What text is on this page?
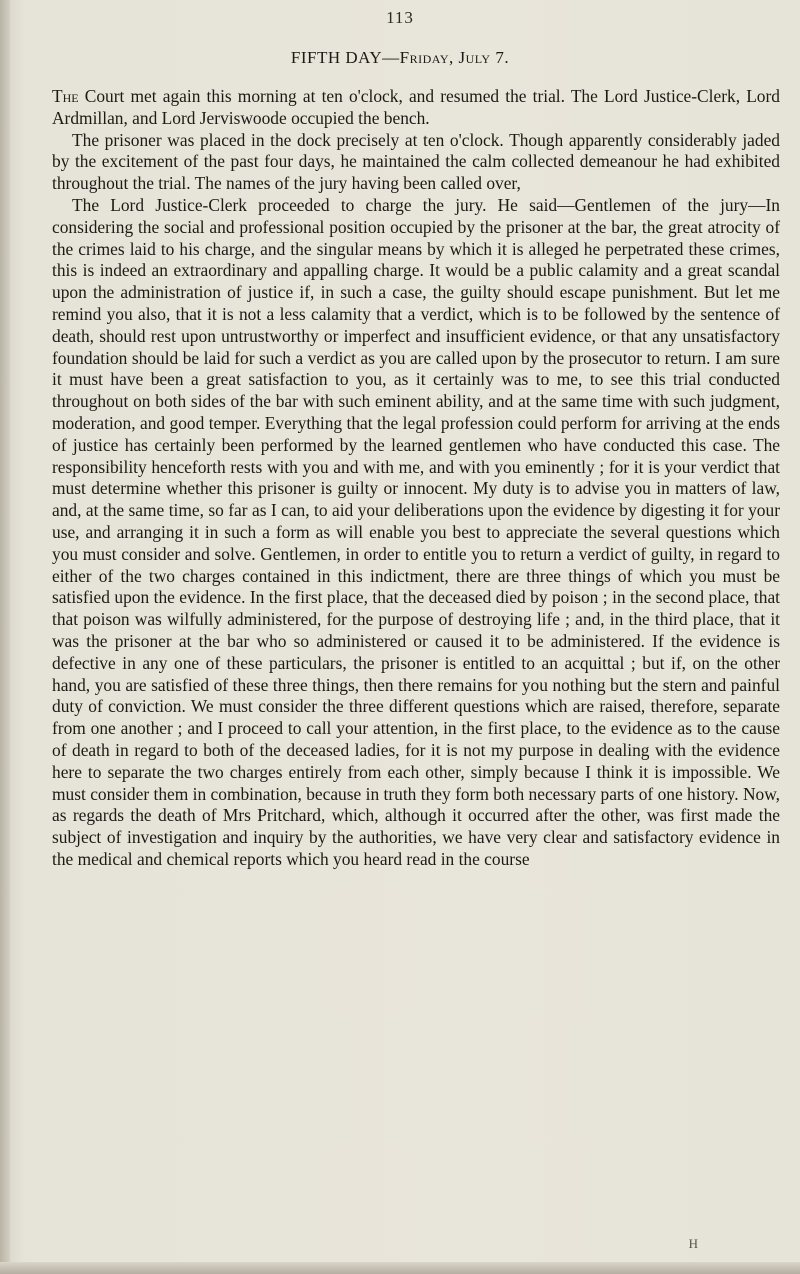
113
FIFTH DAY—Friday, July 7.

The Court met again this morning at ten o'clock, and resumed the trial. The Lord Justice-Clerk, Lord Ardmillan, and Lord Jerviswoode occupied the bench.

The prisoner was placed in the dock precisely at ten o'clock. Though apparently considerably jaded by the excitement of the past four days, he maintained the calm collected demeanour he had exhibited throughout the trial. The names of the jury having been called over,

The Lord Justice-Clerk proceeded to charge the jury. He said—Gentlemen of the jury—In considering the social and professional position occupied by the prisoner at the bar, the great atrocity of the crimes laid to his charge, and the singular means by which it is alleged he perpetrated these crimes, this is indeed an extraordinary and appalling charge. It would be a public calamity and a great scandal upon the administration of justice if, in such a case, the guilty should escape punishment. But let me remind you also, that it is not a less calamity that a verdict, which is to be followed by the sentence of death, should rest upon untrustworthy or imperfect and insufficient evidence, or that any unsatisfactory foundation should be laid for such a verdict as you are called upon by the prosecutor to return. I am sure it must have been a great satisfaction to you, as it certainly was to me, to see this trial conducted throughout on both sides of the bar with such eminent ability, and at the same time with such judgment, moderation, and good temper. Everything that the legal profession could perform for arriving at the ends of justice has certainly been performed by the learned gentlemen who have conducted this case. The responsibility henceforth rests with you and with me, and with you eminently ; for it is your verdict that must determine whether this prisoner is guilty or innocent. My duty is to advise you in matters of law, and, at the same time, so far as I can, to aid your deliberations upon the evidence by digesting it for your use, and arranging it in such a form as will enable you best to appreciate the several questions which you must consider and solve. Gentlemen, in order to entitle you to return a verdict of guilty, in regard to either of the two charges contained in this indictment, there are three things of which you must be satisfied upon the evidence. In the first place, that the deceased died by poison ; in the second place, that that poison was wilfully administered, for the purpose of destroying life ; and, in the third place, that it was the prisoner at the bar who so administered or caused it to be administered. If the evidence is defective in any one of these particulars, the prisoner is entitled to an acquittal ; but if, on the other hand, you are satisfied of these three things, then there remains for you nothing but the stern and painful duty of conviction. We must consider the three different questions which are raised, therefore, separate from one another ; and I proceed to call your attention, in the first place, to the evidence as to the cause of death in regard to both of the deceased ladies, for it is not my purpose in dealing with the evidence here to separate the two charges entirely from each other, simply because I think it is impossible. We must consider them in combination, because in truth they form both necessary parts of one history. Now, as regards the death of Mrs Pritchard, which, although it occurred after the other, was first made the subject of investigation and inquiry by the authorities, we have very clear and satisfactory evidence in the medical and chemical reports which you heard read in the course

H
